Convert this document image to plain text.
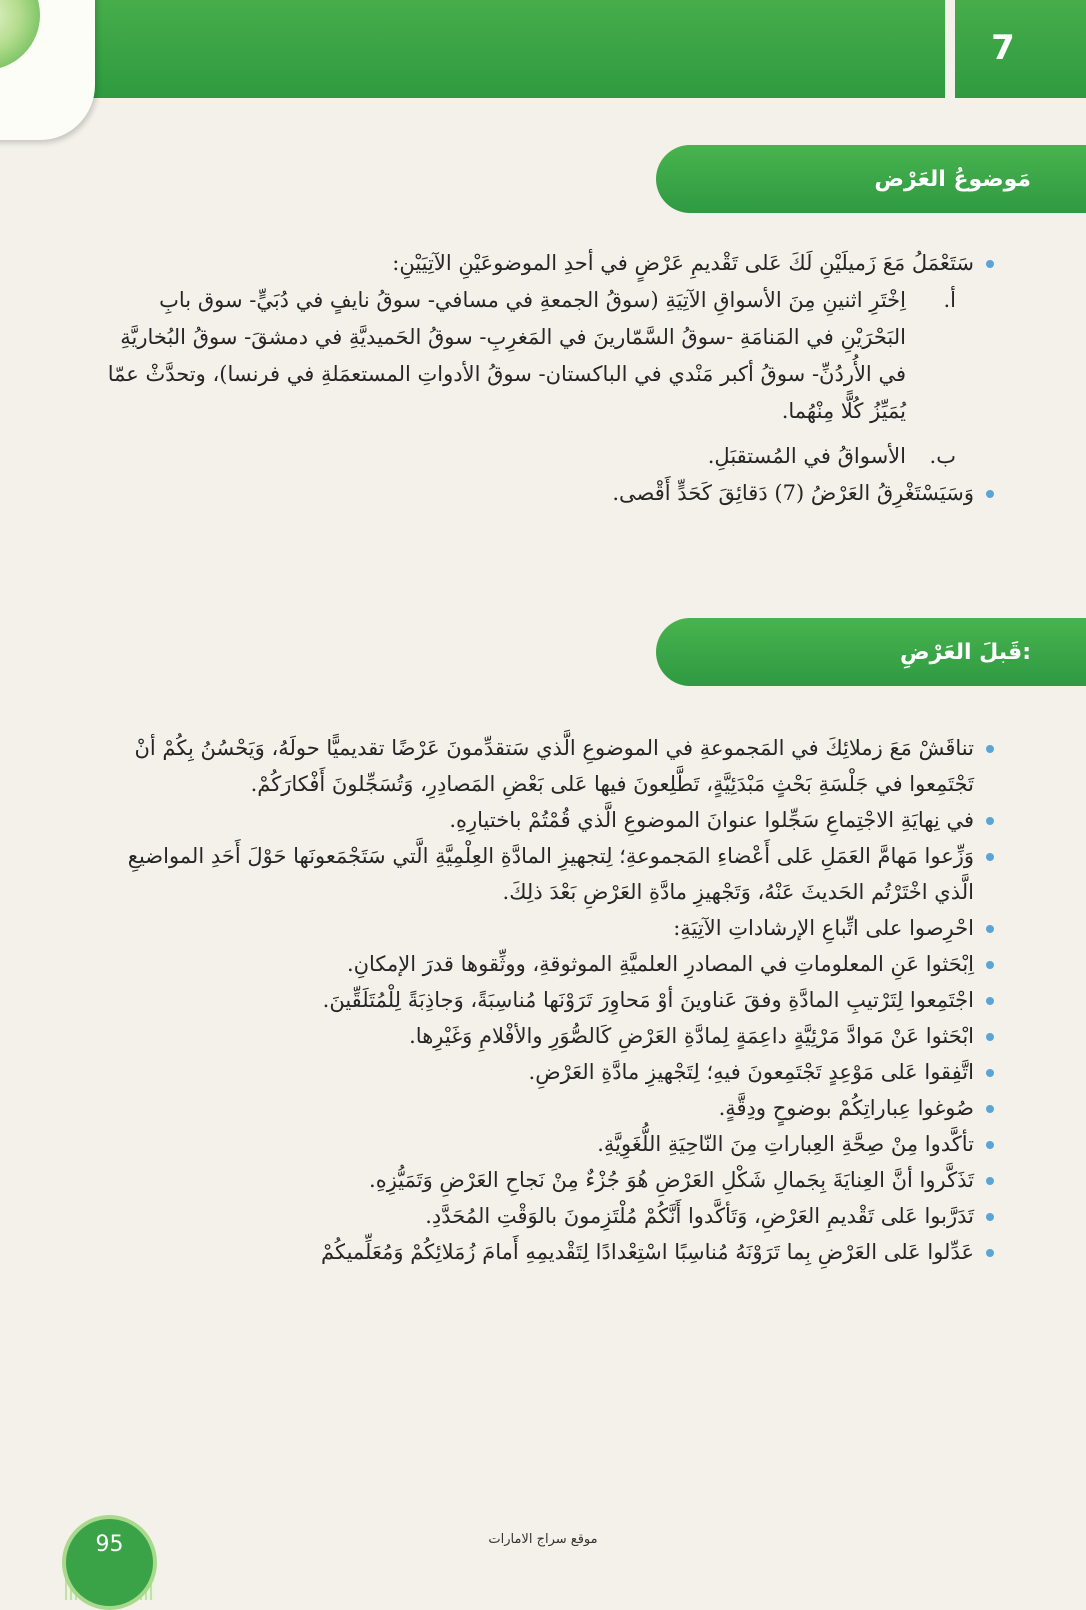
7
مَوضوعُ العَرْض

سَتَعْمَلُ مَعَ زَميلَيْنِ لَكَ عَلى تَقْديمِ عَرْضٍ في أحدِ الموضوعَيْنِ الآتِيَيْنِ:

أ.
اِخْتَرِ اثنينِ مِنَ الأسواقِ الآتِيَةِ (سوقُ الجمعةِ في مسافي- سوقُ نايفٍ في دُبَيٍّ- سوق بابِ البَحْرَيْنِ في المَنامَةِ -سوقُ السَّمّارينَ في المَغرِبِ- سوقُ الحَميديَّةِ في دمشقَ- سوقُ البُخاريَّةِ في الأُردُنِّ- سوقُ أكبر مَنْدي في الباكستان- سوقُ الأدواتِ المستعمَلةِ في فرنسا)، وتحدَّثْ عمّا يُمَيِّزُ كُلًّا مِنْهُما.

ب.
الأسواقُ في المُستقبَلِ.

وَسَيَسْتَغْرِقُ العَرْضُ (7) دَقائِقَ كَحَدٍّ أَقْصى.

قَبلَ العَرْضِ:

تناقَشْ مَعَ زملائِكَ في المَجموعةِ في الموضوعِ الَّذي سَتقدِّمونَ عَرْضًا تقديميًّا حولَهُ، وَيَحْسُنُ بِكُمْ أنْ تَجْتَمِعوا في جَلْسَةِ بَحْثٍ مَبْدَئِيَّةٍ، تَطَّلِعونَ فيها عَلى بَعْضِ المَصادِرِ، وَتُسَجِّلونَ أَفْكارَكُمْ.

في نِهايَةِ الاجْتِماعِ سَجِّلوا عنوانَ الموضوعِ الَّذي قُمْتُمْ باختيارِهِ.

وَزِّعوا مَهامَّ العَمَلِ عَلى أَعْضاءِ المَجموعةِ؛ لِتجهيزِ المادَّةِ العِلْمِيَّةِ الَّتي سَتَجْمَعونَها حَوْلَ أَحَدِ المواضيعِ الَّذي اخْتَرْتُم الحَديثَ عَنْهُ، وَتَجْهيزِ مادَّةِ العَرْضِ بَعْدَ ذلِكَ.

احْرِصوا على اتِّباعِ الإرشاداتِ الآتِيَةِ:

اِبْحَثوا عَنِ المعلوماتِ في المصادرِ العلميَّةِ الموثوقةِ، ووثِّقوها قدرَ الإمكانِ.

اجْتَمِعوا لِتَرْتيبِ المادَّةِ وفقَ عَناوينَ أوْ مَحاوِرَ تَرَوْنَها مُناسِبَةً، وَجاذِبَةً لِلْمُتَلَقِّينَ.

ابْحَثوا عَنْ مَوادَّ مَرْئِيَّةٍ داعِمَةٍ لِمادَّةِ العَرْضِ كَالصُّوَرِ والأفْلامِ وَغَيْرِها.

اتَّفِقوا عَلى مَوْعِدٍ تَجْتَمِعونَ فيهِ؛ لِتَجْهيزِ مادَّةِ العَرْضِ.

صُوغوا عِباراتِكُمْ بوضوحٍ ودِقَّةٍ.

تأكَّدوا مِنْ صِحَّةِ العِباراتِ مِنَ النّاحِيَةِ اللُّغَوِيَّةِ.

تَذَكَّروا أنَّ العِنايَةَ بِجَمالِ شَكْلِ العَرْضِ هُوَ جُزْءٌ مِنْ نَجاحِ العَرْضِ وَتَمَيُّزِهِ.

تَدَرَّبوا عَلى تَقْديمِ العَرْضِ، وَتَأكَّدوا أَنَّكُمْ مُلْتَزِمونَ بالوَقْتِ المُحَدَّدِ.

عَدِّلوا عَلى العَرْضِ بِما تَرَوْنَهُ مُناسِبًا اسْتِعْدادًا لِتَقْديمِهِ أَمامَ زُمَلائِكُمْ وَمُعَلِّميكُمْ

95	موقع سراج الامارات
